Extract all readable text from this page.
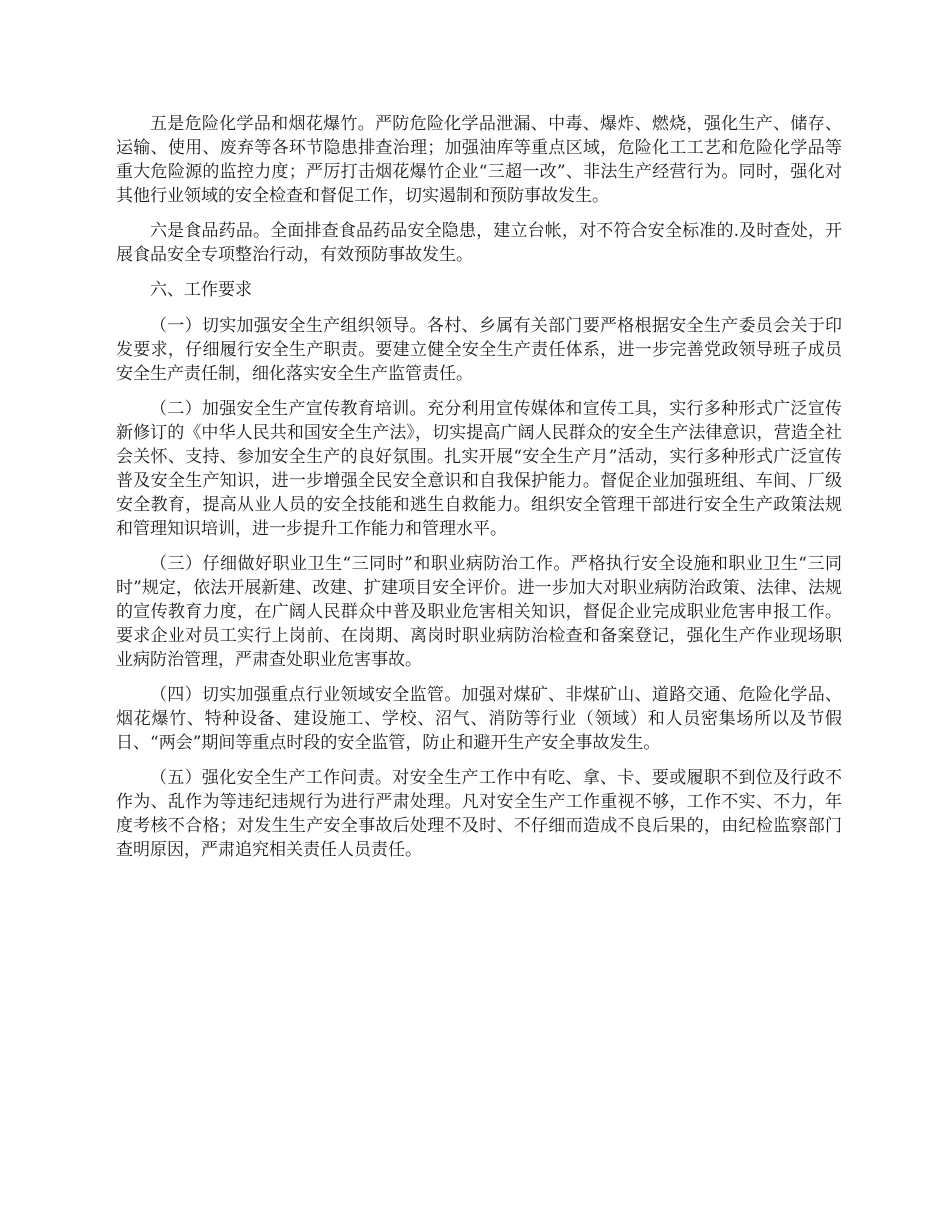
五是危险化学品和烟花爆竹。严防危险化学品泄漏、中毒、爆炸、燃烧，强化生产、储存、运输、使用、废弃等各环节隐患排查治理；加强油库等重点区域，危险化工工艺和危险化学品等重大危险源的监控力度；严厉打击烟花爆竹企业“三超一改”、非法生产经营行为。同时，强化对其他行业领域的安全检查和督促工作，切实遏制和预防事故发生。

六是食品药品。全面排查食品药品安全隐患，建立台帐，对不符合安全标准的.及时查处，开展食品安全专项整治行动，有效预防事故发生。

六、工作要求

（一）切实加强安全生产组织领导。各村、乡属有关部门要严格根据安全生产委员会关于印发要求，仔细履行安全生产职责。要建立健全安全生产责任体系，进一步完善党政领导班子成员安全生产责任制，细化落实安全生产监管责任。

（二）加强安全生产宣传教育培训。充分利用宣传媒体和宣传工具，实行多种形式广泛宣传新修订的《中华人民共和国安全生产法》，切实提高广阔人民群众的安全生产法律意识，营造全社会关怀、支持、参加安全生产的良好氛围。扎实开展“安全生产月”活动，实行多种形式广泛宣传普及安全生产知识，进一步增强全民安全意识和自我保护能力。督促企业加强班组、车间、厂级安全教育，提高从业人员的安全技能和逃生自救能力。组织安全管理干部进行安全生产政策法规和管理知识培训，进一步提升工作能力和管理水平。

（三）仔细做好职业卫生“三同时”和职业病防治工作。严格执行安全设施和职业卫生“三同时”规定，依法开展新建、改建、扩建项目安全评价。进一步加大对职业病防治政策、法律、法规的宣传教育力度，在广阔人民群众中普及职业危害相关知识，督促企业完成职业危害申报工作。要求企业对员工实行上岗前、在岗期、离岗时职业病防治检查和备案登记，强化生产作业现场职业病防治管理，严肃查处职业危害事故。

（四）切实加强重点行业领域安全监管。加强对煤矿、非煤矿山、道路交通、危险化学品、烟花爆竹、特种设备、建设施工、学校、沼气、消防等行业（领域）和人员密集场所以及节假日、“两会”期间等重点时段的安全监管，防止和避开生产安全事故发生。

（五）强化安全生产工作问责。对安全生产工作中有吃、拿、卡、要或履职不到位及行政不作为、乱作为等违纪违规行为进行严肃处理。凡对安全生产工作重视不够，工作不实、不力，年度考核不合格；对发生生产安全事故后处理不及时、不仔细而造成不良后果的，由纪检监察部门查明原因，严肃追究相关责任人员责任。
